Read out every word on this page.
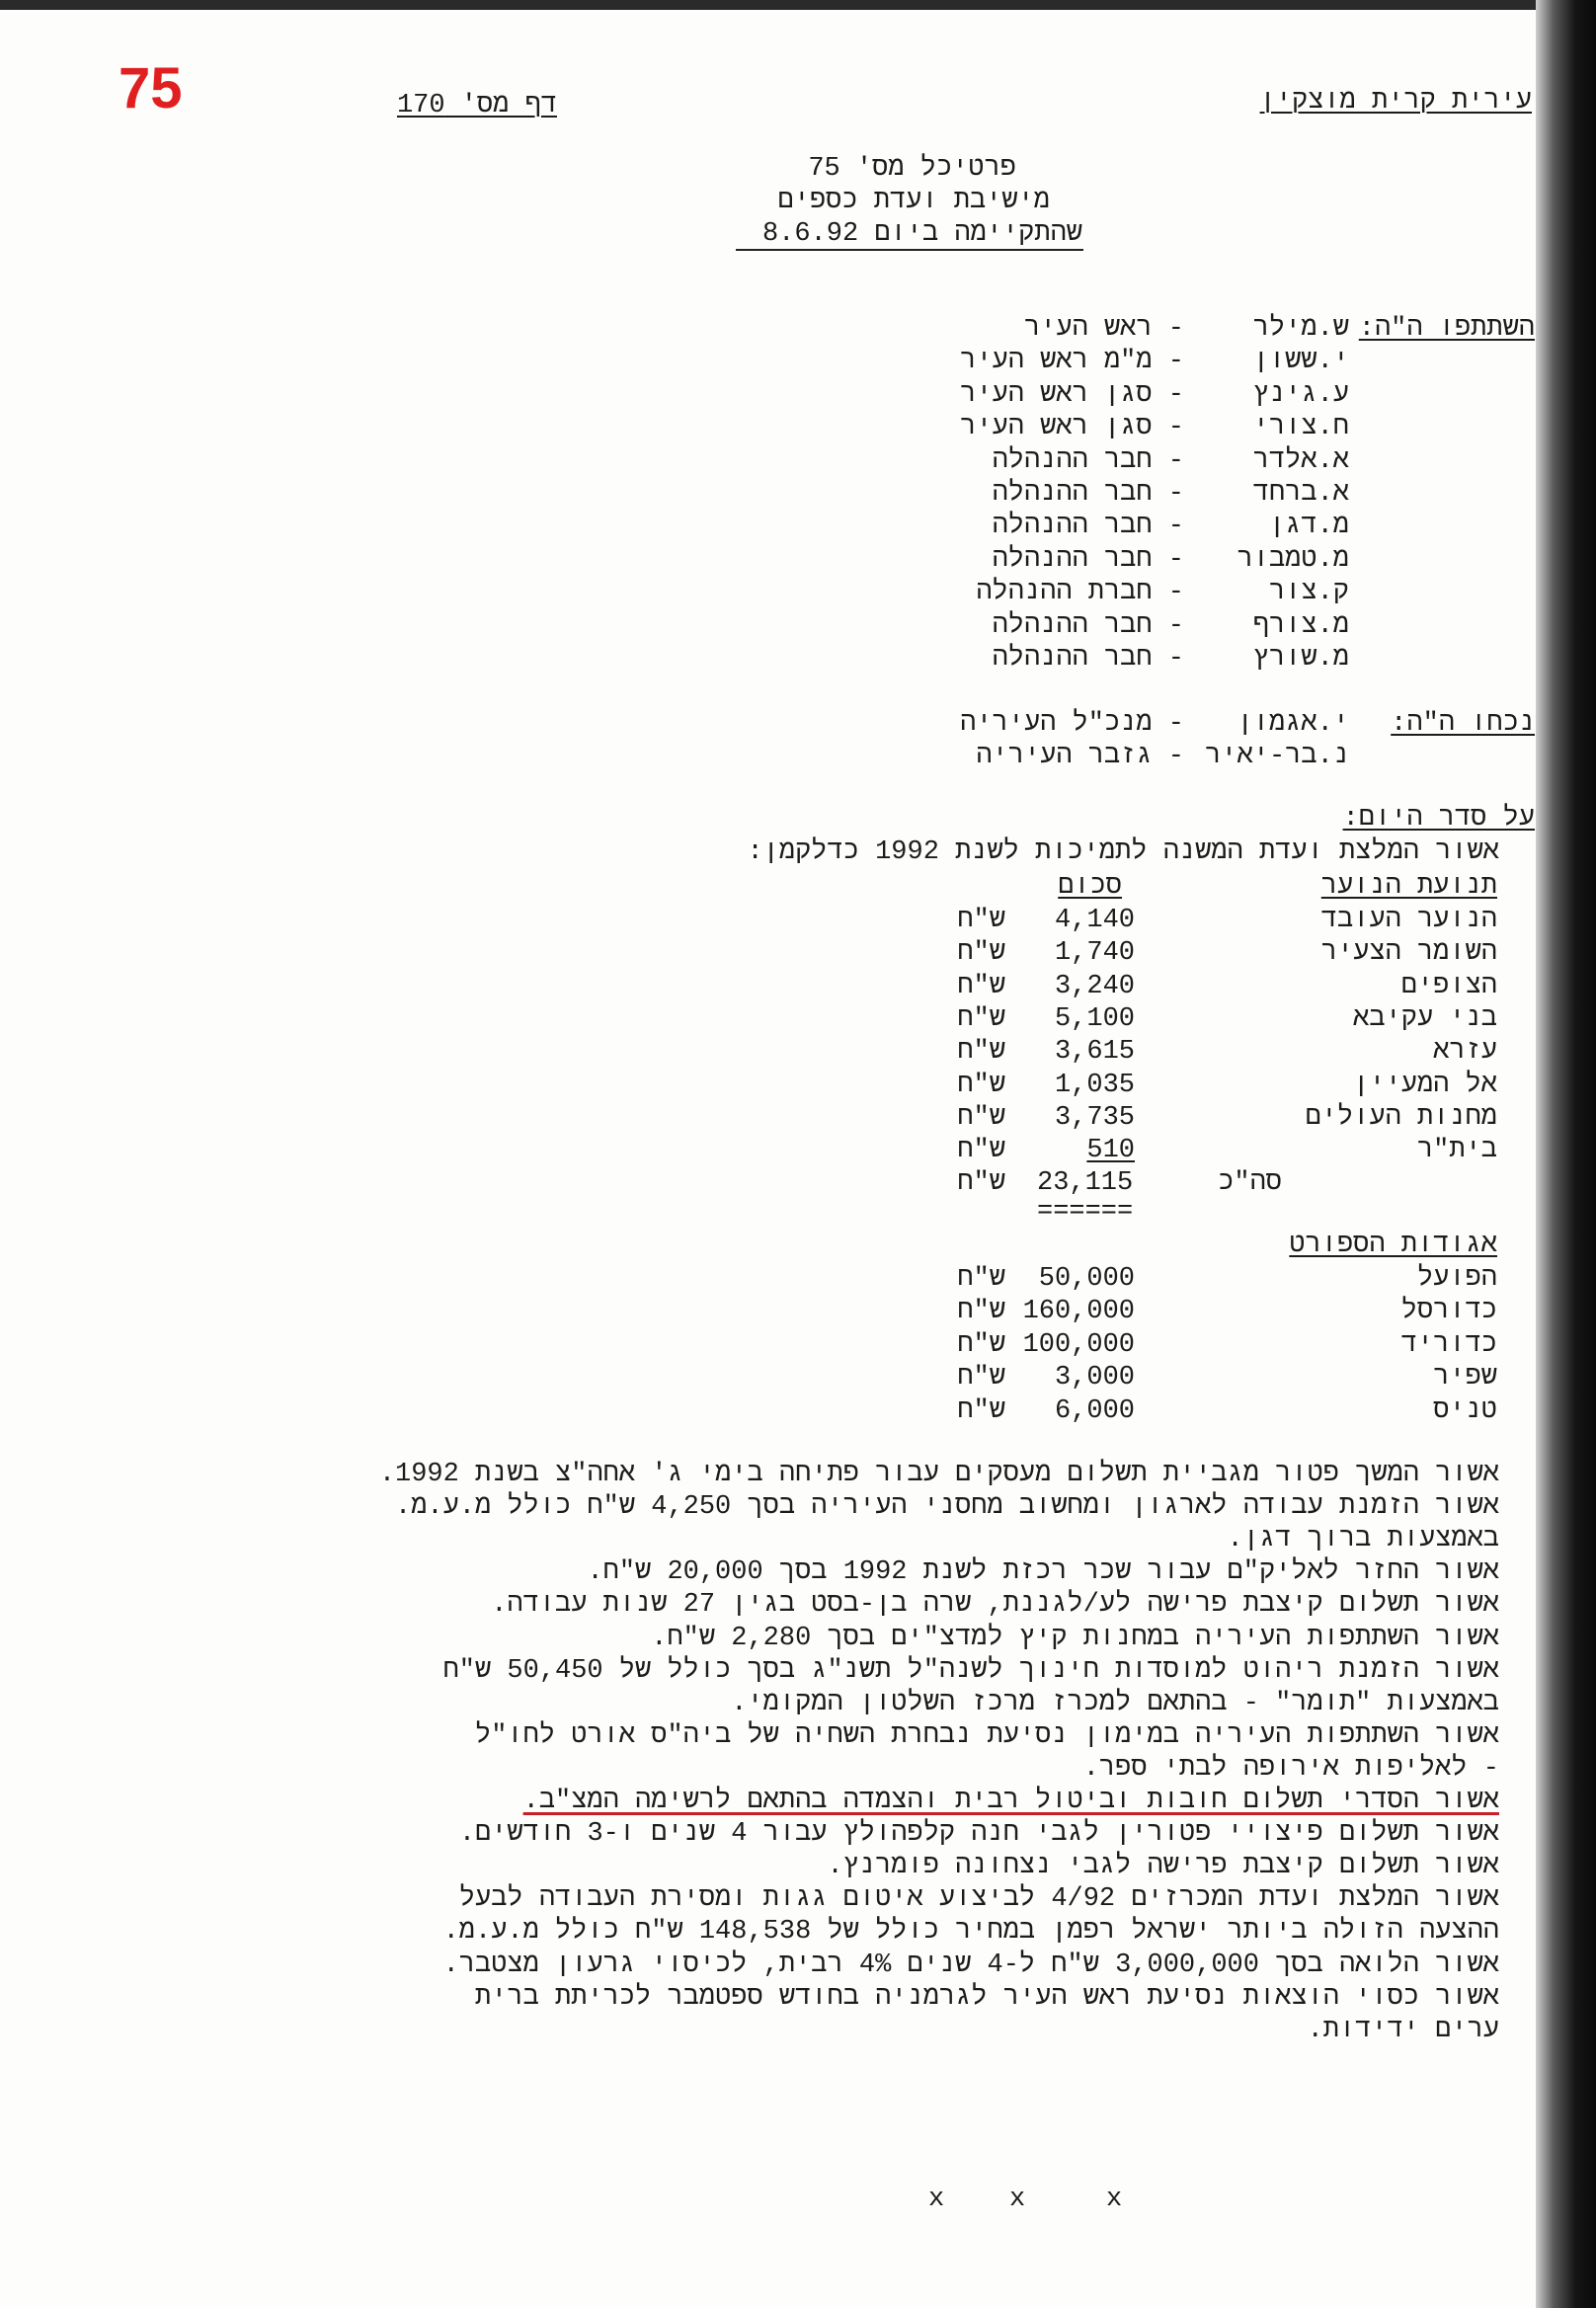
75	עירית קרית מוצקין
דף מס' 170
פרטיכל מס' 75
מישיבת ועדת כספים
שהתקיימה ביום 8.6.92
השתתפו ה"ה:
ש.מילר
- ראש העיר
י.ששון
- מ"מ ראש העיר
ע.גינץ
- סגן ראש העיר
ח.צורי
- סגן ראש העיר
א.אלדר
- חבר ההנהלה
א.ברחד
- חבר ההנהלה
מ.דגן
- חבר ההנהלה
מ.טמבור
- חבר ההנהלה
ק.צור
- חברת ההנהלה
מ.צורף
- חבר ההנהלה
מ.שורץ
- חבר ההנהלה
נכחו ה"ה:
י.אגמון
- מנכ"ל העיריה
נ.בר-יאיר
- גזבר העיריה
על סדר היום:
אשור המלצת ועדת המשנה לתמיכות לשנת 1992 כדלקמן:
תנועת הנוער
סכום
הנוער העובד
4,140
ש"ח
השומר הצעיר
1,740
ש"ח
הצופים
3,240
ש"ח
בני עקיבא
5,100
ש"ח
עזרא
3,615
ש"ח
אל המעיין
1,035
ש"ח
מחנות העולים
3,735
ש"ח
בית"ר
510
ש"ח
סה"כ
23,115
ש"ח
======
אגודות הספורט
הפועל
50,000
ש"ח
כדורסל
160,000
ש"ח
כדוריד
100,000
ש"ח
שפיר
3,000
ש"ח
טניס
6,000
ש"ח
אשור המשך פטור מגביית תשלום מעסקים עבור פתיחה בימי ג' אחה"צ בשנת 1992.
אשור הזמנת עבודה לארגון ומחשוב מחסני העיריה בסך 4,250 ש"ח כולל מ.ע.מ.
באמצעות ברוך דגן.
אשור החזר לאליק"ם עבור שכר רכזת לשנת 1992 בסך 20,000 ש"ח.
אשור תשלום קיצבת פרישה לע/לגננת, שרה בן-בסט בגין 27 שנות עבודה.
אשור השתתפות העיריה במחנות קיץ למדצ"ים בסך 2,280 ש"ח.
אשור הזמנת ריהוט למוסדות חינוך לשנה"ל תשנ"ג בסך כולל של 50,450 ש"ח
באמצעות "תומר" - בהתאם למכרז מרכז השלטון המקומי.
אשור השתתפות העיריה במימון נסיעת נבחרת השחיה של ביה"ס אורט לחו"ל
- לאליפות אירופה לבתי ספר.
אשור הסדרי תשלום חובות וביטול רבית והצמדה בהתאם לרשימה המצ"ב.
אשור תשלום פיצויי פטורין לגבי חנה קלפהולץ עבור 4 שנים ו-3 חודשים.
אשור תשלום קיצבת פרישה לגבי נצחונה פומרנץ.
אשור המלצת ועדת המכרזים 4/92 לביצוע איטום גגות ומסירת העבודה לבעל
ההצעה הזולה ביותר ישראל רפמן במחיר כולל של 148,538 ש"ח כולל מ.ע.מ.
אשור הלואה בסך 3,000,000 ש"ח ל-4 שנים 4% רבית, לכיסוי גרעון מצטבר.
אשור כסוי הוצאות נסיעת ראש העיר לגרמניה בחודש ספטמבר לכריתת ברית
ערים ידידות.
x x	x
